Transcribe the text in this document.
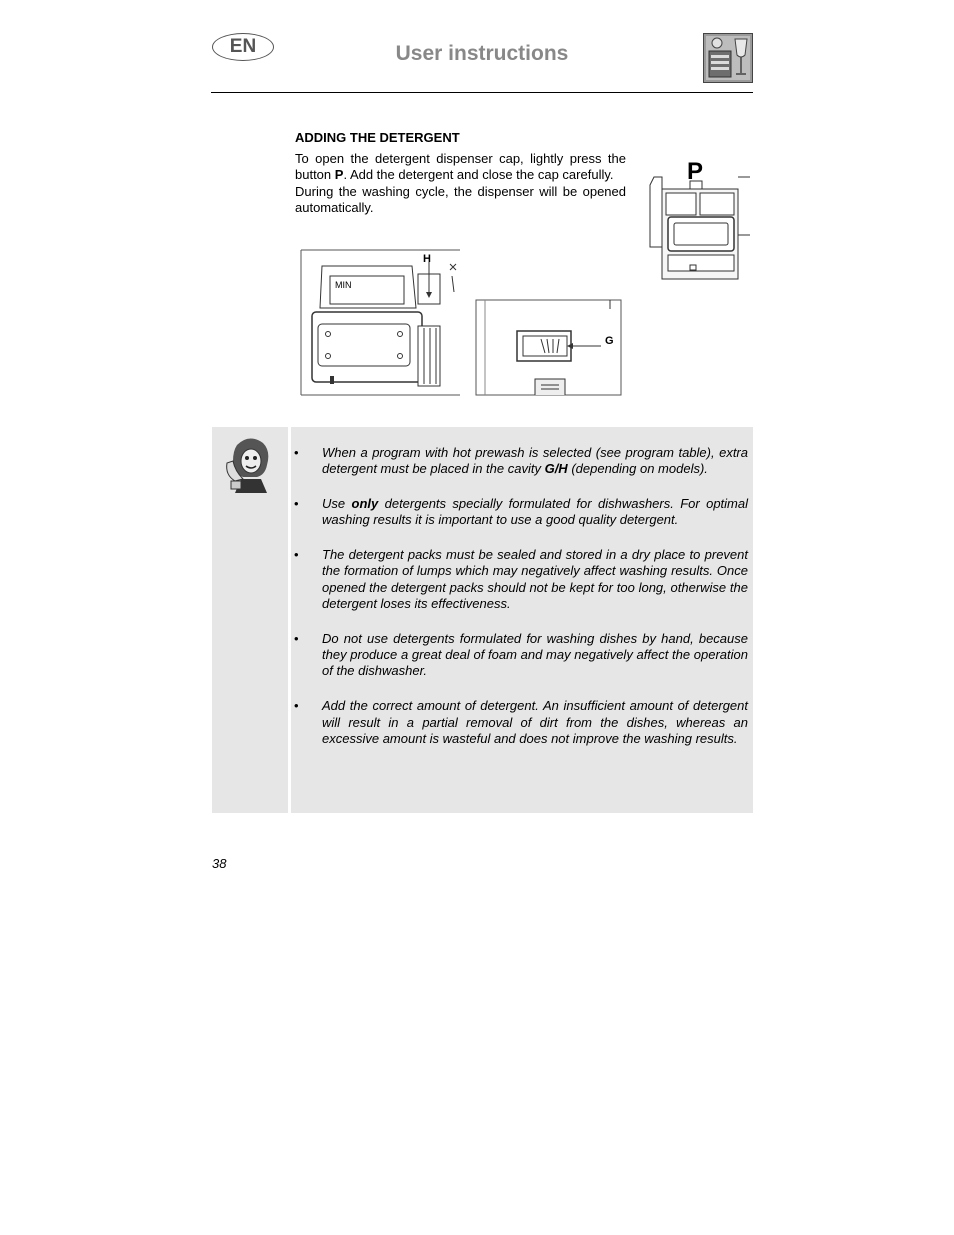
EN	User instructions
ADDING THE DETERGENT

To open the detergent dispenser cap, lightly press the button P. Add the detergent and close the cap carefully.

During the washing cycle, the dispenser will be opened automatically.

P
H
MIN
G
• When a program with hot prewash is selected (see program table), extra detergent must be placed in the cavity G/H (depending on models).
• Use only detergents specially formulated for dishwashers. For optimal washing results it is important to use a good quality detergent.
• The detergent packs must be sealed and stored in a dry place to prevent the formation of lumps which may negatively affect washing results. Once opened the detergent packs should not be kept for too long, otherwise the detergent loses its effectiveness.
• Do not use detergents formulated for washing dishes by hand, because they produce a great deal of foam and may negatively affect the operation of the dishwasher.
• Add the correct amount of detergent. An insufficient amount of detergent will result in a partial removal of dirt from the dishes, whereas an excessive amount is wasteful and does not improve the washing results.
38
